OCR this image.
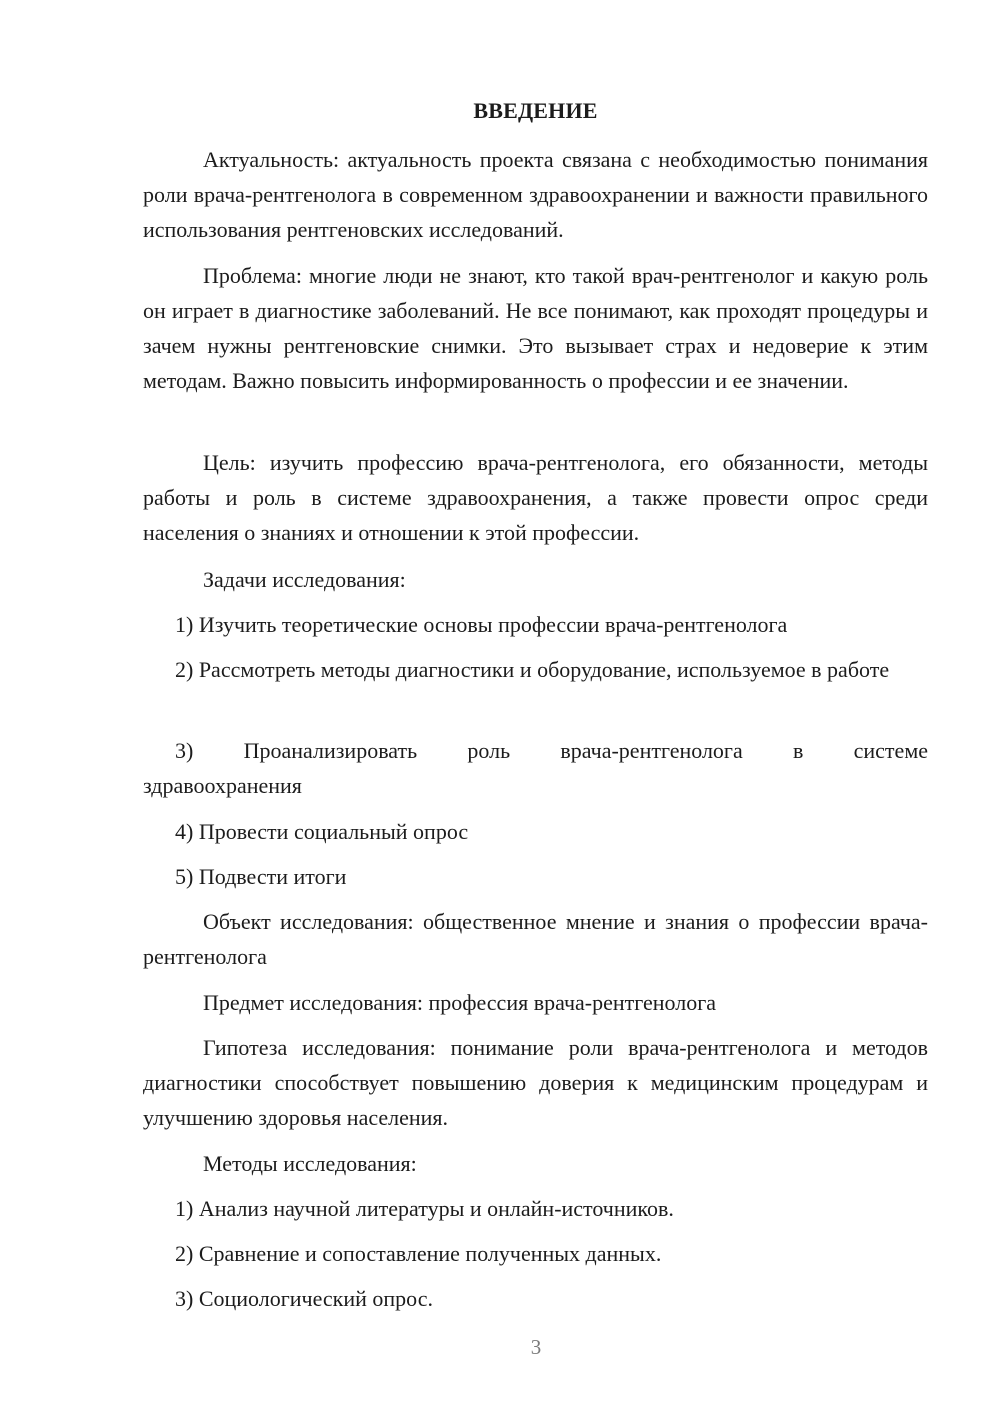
ВВЕДЕНИЕ

Актуальность: актуальность проекта связана с необходимостью понимания роли врача-рентгенолога в современном здравоохранении и важности правильного использования рентгеновских исследований.

Проблема: многие люди не знают, кто такой врач-рентгенолог и какую роль он играет в диагностике заболеваний. Не все понимают, как проходят процедуры и зачем нужны рентгеновские снимки. Это вызывает страх и недоверие к этим методам. Важно повысить информированность о профессии и ее значении.

Цель: изучить профессию врача-рентгенолога, его обязанности, методы работы и роль в системе здравоохранения, а также провести опрос среди населения о знаниях и отношении к этой профессии.

Задачи исследования:

1) Изучить теоретические основы профессии врача-рентгенолога

2) Рассмотреть методы диагностики и оборудование, используемое в работе

3) Проанализировать роль врача-рентгенолога в системе здравоохранения

4) Провести социальный опрос

5) Подвести итоги

Объект исследования: общественное мнение и знания о профессии врача-рентгенолога

Предмет исследования: профессия врача-рентгенолога

Гипотеза исследования: понимание роли врача-рентгенолога и методов диагностики способствует повышению доверия к медицинским процедурам и улучшению здоровья населения.

Методы исследования:

1) Анализ научной литературы и онлайн-источников.

2) Сравнение и сопоставление полученных данных.

3) Социологический опрос.

3
